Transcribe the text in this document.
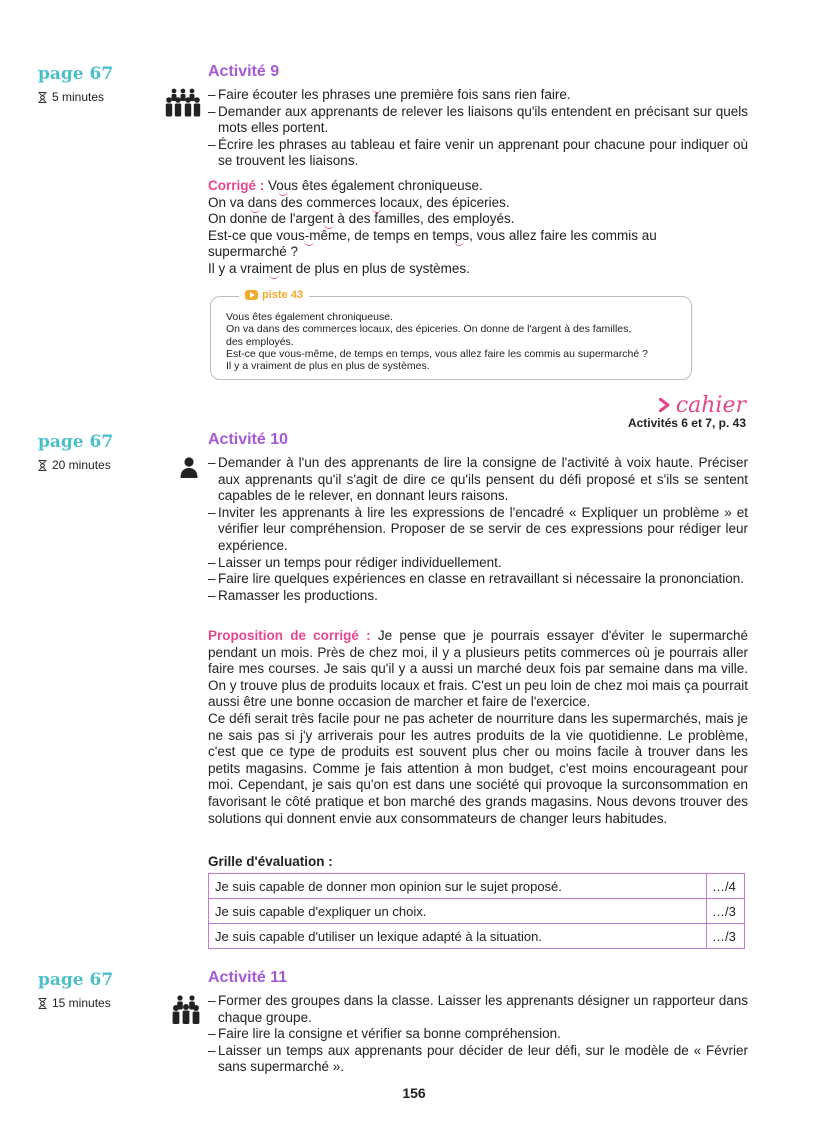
page 67
5 minutes
Activité 9
– Faire écouter les phrases une première fois sans rien faire.
– Demander aux apprenants de relever les liaisons qu'ils entendent en précisant sur quels mots elles portent.
– Écrire les phrases au tableau et faire venir un apprenant pour chacune pour indiquer où se trouvent les liaisons.
Corrigé : Vous êtes également chroniqueuse.
On va dans des commerces locaux, des épiceries.
On donne de l'argent à des familles, des employés.
Est-ce que vous-même, de temps en temps, vous allez faire les commis au
supermarché ?
Il y a vraiment de plus en plus de systèmes.
piste 43
Vous êtes également chroniqueuse.
On va dans des commerces locaux, des épiceries. On donne de l'argent à des familles,
des employés.
Est-ce que vous-même, de temps en temps, vous allez faire les commis au supermarché ?
Il y a vraiment de plus en plus de systèmes.
cahier
Activités 6 et 7, p. 43
page 67
20 minutes
Activité 10
– Demander à l'un des apprenants de lire la consigne de l'activité à voix haute. Préciser aux apprenants qu'il s'agit de dire ce qu'ils pensent du défi proposé et s'ils se sentent capables de le relever, en donnant leurs raisons.
– Inviter les apprenants à lire les expressions de l'encadré « Expliquer un problème » et vérifier leur compréhension. Proposer de se servir de ces expressions pour rédiger leur expérience.
– Laisser un temps pour rédiger individuellement.
– Faire lire quelques expériences en classe en retravaillant si nécessaire la prononciation.
– Ramasser les productions.

Proposition de corrigé : Je pense que je pourrais essayer d'éviter le supermarché pendant un mois. Près de chez moi, il y a plusieurs petits commerces où je pourrais aller faire mes courses. Je sais qu'il y a aussi un marché deux fois par semaine dans ma ville. On y trouve plus de produits locaux et frais. C'est un peu loin de chez moi mais ça pourrait aussi être une bonne occasion de marcher et faire de l'exercice.

Ce défi serait très facile pour ne pas acheter de nourriture dans les supermarchés, mais je ne sais pas si j'y arriverais pour les autres produits de la vie quotidienne. Le problème, c'est que ce type de produits est souvent plus cher ou moins facile à trouver dans les petits magasins. Comme je fais attention à mon budget, c'est moins encourageant pour moi. Cependant, je sais qu'on est dans une société qui provoque la surconsommation en favorisant le côté pratique et bon marché des grands magasins. Nous devons trouver des solutions qui donnent envie aux consommateurs de changer leurs habitudes.

Grille d'évaluation :
Je suis capable de donner mon opinion sur le sujet proposé.	…/4
Je suis capable d'expliquer un choix.	…/3
Je suis capable d'utiliser un lexique adapté à la situation.	…/3
page 67
15 minutes
Activité 11
– Former des groupes dans la classe. Laisser les apprenants désigner un rapporteur dans chaque groupe.
– Faire lire la consigne et vérifier sa bonne compréhension.
– Laisser un temps aux apprenants pour décider de leur défi, sur le modèle de « Février sans supermarché ».
156
